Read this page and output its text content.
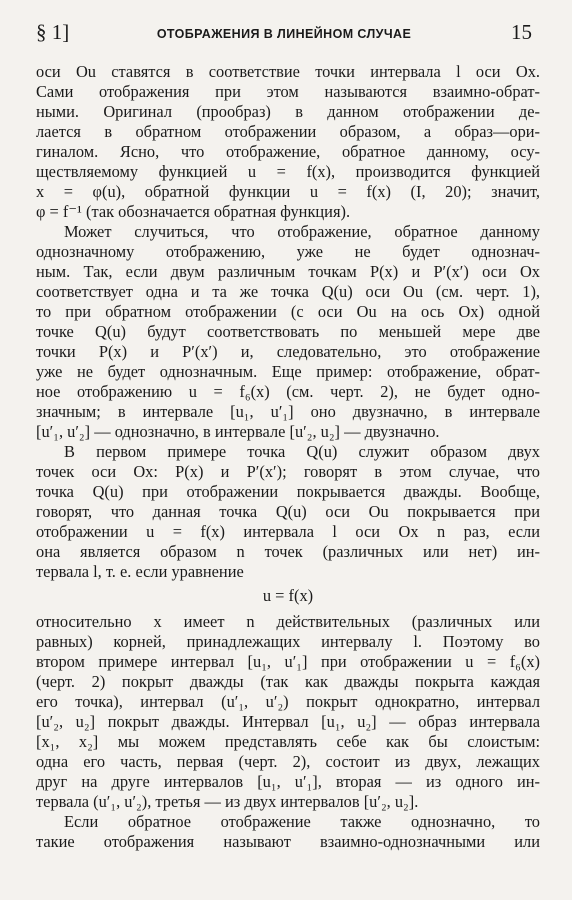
§ 1]	ОТОБРАЖЕНИЯ В ЛИНЕЙНОМ СЛУЧАЕ	15
оси Ou ставятся в соответствие точки интервала l оси Ox.
Сами отображения при этом называются взаимно-обрат-
ными. Оригинал (прообраз) в данном отображении де-
лается в обратном отображении образом, а образ—ори-
гиналом. Ясно, что отображение, обратное данному, осу-
ществляемому функцией u = f(x), производится функцией
x = φ(u), обратной функции u = f(x) (I, 20); значит,
φ = f⁻¹ (так обозначается обратная функция).
Может случиться, что отображение, обратное данному
однозначному отображению, уже не будет однознач-
ным. Так, если двум различным точкам P(x) и P′(x′) оси Ox
соответствует одна и та же точка Q(u) оси Ou (см. черт. 1),
то при обратном отображении (с оси Ou на ось Ox) одной
точке Q(u) будут соответствовать по меньшей мере две
точки P(x) и P′(x′) и, следовательно, это отображение
уже не будет однозначным. Еще пример: отображение, обрат-
ное отображению u = f₆(x) (см. черт. 2), не будет одно-
значным; в интервале [u₁, u′₁] оно двузначно, в интервале
[u′₁, u′₂] — однозначно, в интервале [u′₂, u₂] — двузначно.
В первом примере точка Q(u) служит образом двух
точек оси Ox: P(x) и P′(x′); говорят в этом случае, что
точка Q(u) при отображении покрывается дважды. Вообще,
говорят, что данная точка Q(u) оси Ou покрывается при
отображении u = f(x) интервала l оси Ox n раз, если
она является образом n точек (различных или нет) ин-
тервала l, т. е. если уравнение
u = f(x)
относительно x имеет n действительных (различных или
равных) корней, принадлежащих интервалу l. Поэтому во
втором примере интервал [u₁, u′₁] при отображении u = f₆(x)
(черт. 2) покрыт дважды (так как дважды покрыта каждая
его точка), интервал (u′₁, u′₂) покрыт однократно, интервал
[u′₂, u₂] покрыт дважды. Интервал [u₁, u₂] — образ интервала
[x₁, x₂] мы можем представлять себе как бы слоистым:
одна его часть, первая (черт. 2), состоит из двух, лежащих
друг на друге интервалов [u₁, u′₁], вторая — из одного ин-
тервала (u′₁, u′₂), третья — из двух интервалов [u′₂, u₂].
Если обратное отображение также однозначно, то
такие отображения называют взаимно-однозначными или
